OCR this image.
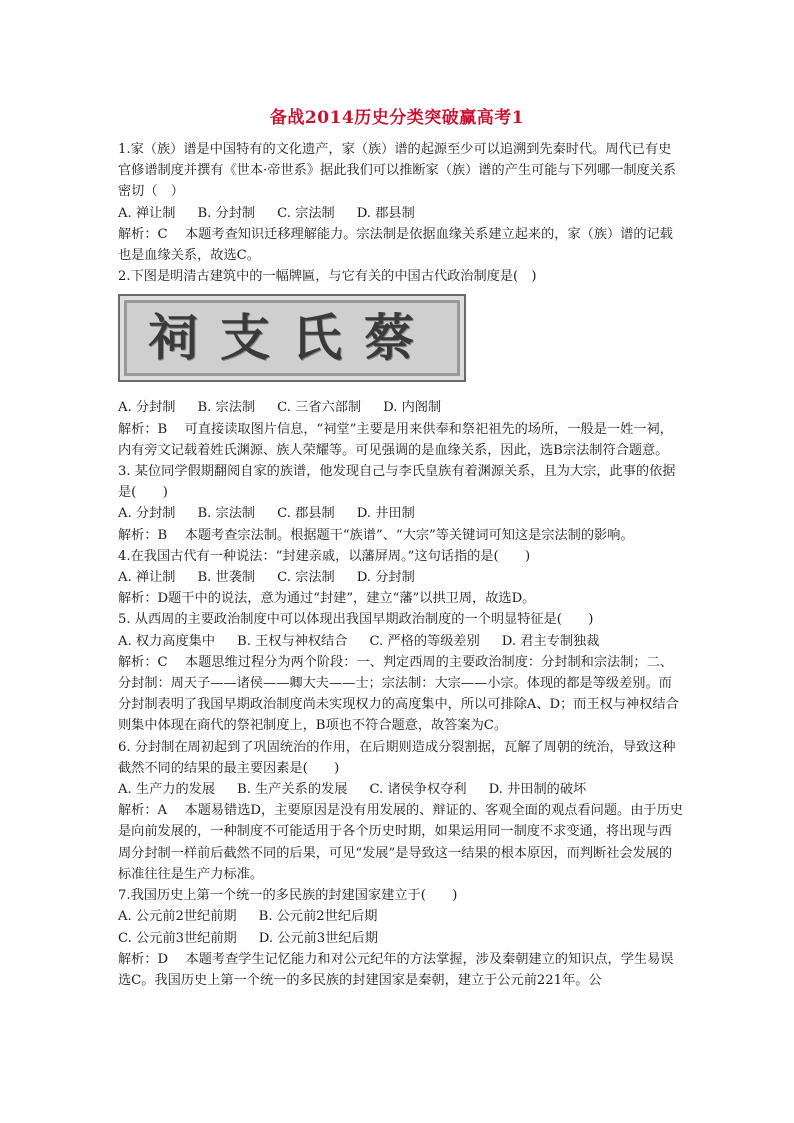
备战2014历史分类突破赢高考1

1.家（族）谱是中国特有的文化遗产，家（族）谱的起源至少可以追溯到先秦时代。周代已有史官修谱制度并撰有《世本·帝世系》据此我们可以推断家（族）谱的产生可能与下列哪一制度关系密切（　）

A. 禅让制 B. 分封制 C. 宗法制 D. 郡县制

解析：C　 本题考查知识迁移理解能力。宗法制是依据血缘关系建立起来的，家（族）谱的记载也是血缘关系，故选C。

2.下图是明清古建筑中的一幅牌匾，与它有关的中国古代政治制度是(　)

祠支氏蔡

A. 分封制 B. 宗法制 C. 三省六部制 D. 内阁制

解析：B　 可直接读取图片信息，“祠堂”主要是用来供奉和祭祀祖先的场所，一般是一姓一祠，内有旁文记载着姓氏渊源、族人荣耀等。可见强调的是血缘关系，因此，选B宗法制符合题意。

3. 某位同学假期翻阅自家的族谱，他发现自己与李氏皇族有着渊源关系，且为大宗，此事的依据是(　　)

A. 分封制 B. 宗法制 C. 郡县制 D. 井田制

解析：B　 本题考查宗法制。根据题干“族谱”、“大宗”等关键词可知这是宗法制的影响。

4.在我国古代有一种说法：“封建亲戚，以藩屏周。”这句话指的是(　　)

A. 禅让制 B. 世袭制 C. 宗法制 D. 分封制

解析：D题干中的说法，意为通过“封建”，建立“藩”以拱卫周，故选D。

5. 从西周的主要政治制度中可以体现出我国早期政治制度的一个明显特征是(　　)

A. 权力高度集中 B. 王权与神权结合 C. 严格的等级差别 D. 君主专制独裁

解析：C　 本题思维过程分为两个阶段：一、判定西周的主要政治制度：分封制和宗法制；二、分封制：周天子——诸侯——卿大夫——士；宗法制：大宗——小宗。体现的都是等级差别。而分封制表明了我国早期政治制度尚未实现权力的高度集中，所以可排除A、D；而王权与神权结合则集中体现在商代的祭祀制度上，B项也不符合题意，故答案为C。

6. 分封制在周初起到了巩固统治的作用，在后期则造成分裂割据，瓦解了周朝的统治，导致这种截然不同的结果的最主要因素是(　　)

A. 生产力的发展 B. 生产关系的发展 C. 诸侯争权夺利 D. 井田制的破坏

解析：A　 本题易错选D，主要原因是没有用发展的、辩证的、客观全面的观点看问题。由于历史是向前发展的，一种制度不可能适用于各个历史时期，如果运用同一制度不求变通，将出现与西周分封制一样前后截然不同的后果，可见“发展”是导致这一结果的根本原因，而判断社会发展的标准往往是生产力标准。

7.我国历史上第一个统一的多民族的封建国家建立于(　　)

A. 公元前2世纪前期 B. 公元前2世纪后期

C. 公元前3世纪前期 D. 公元前3世纪后期

解析：D　 本题考查学生记忆能力和对公元纪年的方法掌握，涉及秦朝建立的知识点，学生易误选C。我国历史上第一个统一的多民族的封建国家是秦朝，建立于公元前221年。公
